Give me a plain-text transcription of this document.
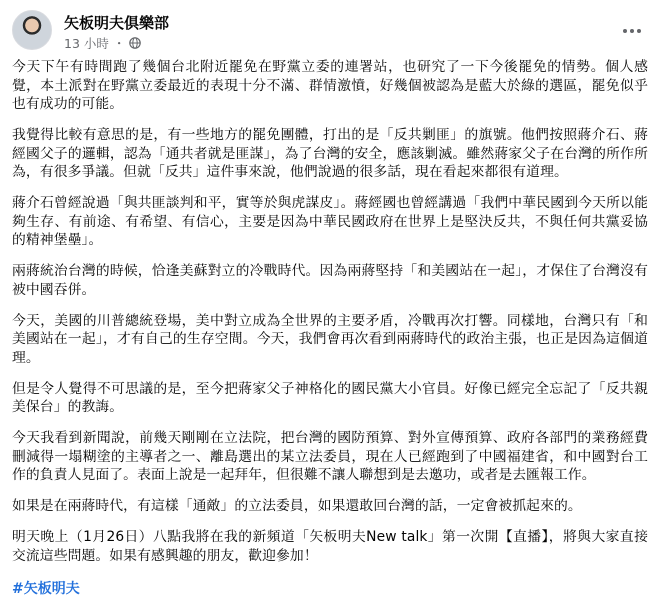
矢板明夫俱樂部
13 小時 ・

今天下午有時間跑了幾個台北附近罷免在野黨立委的連署站，也研究了一下今後罷免的情勢。個人感覺，本土派對在野黨立委最近的表現十分不滿、群情激憤，好幾個被認為是藍大於綠的選區，罷免似乎也有成功的可能。

我覺得比較有意思的是，有一些地方的罷免團體，打出的是「反共剿匪」的旗號。他們按照蔣介石、蔣經國父子的邏輯，認為「通共者就是匪謀」，為了台灣的安全，應該剿滅。雖然蔣家父子在台灣的所作所為，有很多爭議。但就「反共」這件事來說，他們說過的很多話，現在看起來都很有道理。

蔣介石曾經說過「與共匪談判和平，實等於與虎謀皮」。蔣經國也曾經講過「我們中華民國到今天所以能夠生存、有前途、有希望、有信心，主要是因為中華民國政府在世界上是堅決反共，不與任何共黨妥協的精神堡壘」。

兩蔣統治台灣的時候，恰逢美蘇對立的冷戰時代。因為兩蔣堅持「和美國站在一起」，才保住了台灣沒有被中國吞併。

今天，美國的川普總統登場，美中對立成為全世界的主要矛盾，冷戰再次打響。同樣地，台灣只有「和美國站在一起」，才有自己的生存空間。今天，我們會再次看到兩蔣時代的政治主張，也正是因為這個道理。

但是令人覺得不可思議的是，至今把蔣家父子神格化的國民黨大小官員。好像已經完全忘記了「反共親美保台」的教誨。

今天我看到新聞說，前幾天剛剛在立法院，把台灣的國防預算、對外宣傳預算、政府各部門的業務經費刪減得一塌糊塗的主導者之一、離島選出的某立法委員，現在人已經跑到了中國福建省，和中國對台工作的負責人見面了。表面上說是一起拜年，但很難不讓人聯想到是去邀功，或者是去匯報工作。

如果是在兩蔣時代，有這樣「通敵」的立法委員，如果還敢回台灣的話，一定會被抓起來的。

明天晚上（1月26日）八點我將在我的新頻道「矢板明夫New talk」第一次開【直播】，將與大家直接交流這些問題。如果有感興趣的朋友，歡迎參加！

#矢板明夫
